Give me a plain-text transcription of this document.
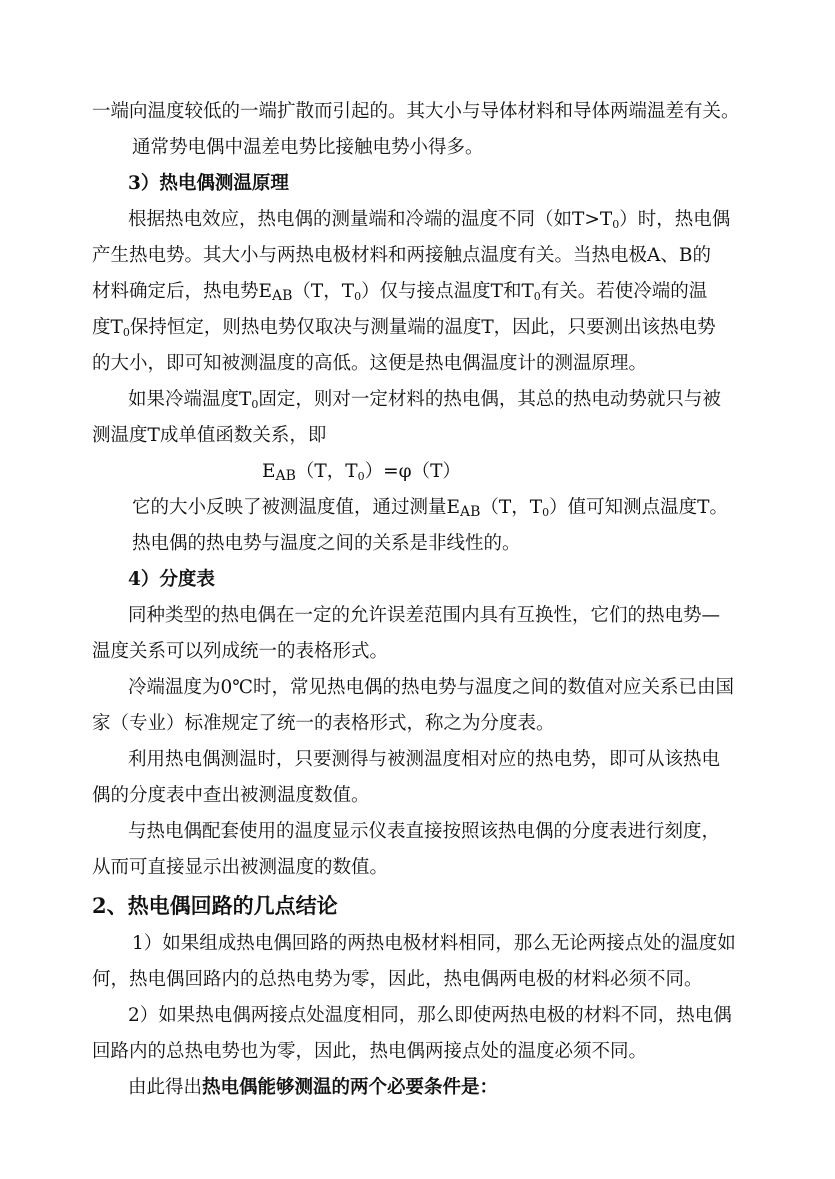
一端向温度较低的一端扩散而引起的。其大小与导体材料和导体两端温差有关。
通常势电偶中温差电势比接触电势小得多。
3）热电偶测温原理
根据热电效应，热电偶的测量端和冷端的温度不同（如$T>T_0$）时，热电偶
产生热电势。其大小与两热电极材料和两接触点温度有关。当热电极A、B的
材料确定后，热电势$E_{AB}(T$，$T_0$）仅与接点温度T和$T_0$有关。若使冷端的温
度$T_0$保持恒定，则热电势仅取决与测量端的温度T，因此，只要测出该热电势
的大小，即可知被测温度的高低。这便是热电偶温度计的测温原理。
如果冷端温度$T_0$固定，则对一定材料的热电偶，其总的热电动势就只与被
测温度T成单值函数关系，即
$E_{AB}(T$，$T_0)=\varphi(T)$
它的大小反映了被测温度值，通过测量$E_{AB}(T$，$T_0$）值可知测点温度T。
热电偶的热电势与温度之间的关系是非线性的。
4）分度表
同种类型的热电偶在一定的允许误差范围内具有互换性，它们的热电势—
温度关系可以列成统一的表格形式。
冷端温度为0℃时，常见热电偶的热电势与温度之间的数值对应关系已由国
家（专业）标准规定了统一的表格形式，称之为分度表。
利用热电偶测温时，只要测得与被测温度相对应的热电势，即可从该热电
偶的分度表中查出被测温度数值。
与热电偶配套使用的温度显示仪表直接按照该热电偶的分度表进行刻度，
从而可直接显示出被测温度的数值。
2、热电偶回路的几点结论
1）如果组成热电偶回路的两热电极材料相同，那么无论两接点处的温度如
何，热电偶回路内的总热电势为零，因此，热电偶两电极的材料必须不同。
2）如果热电偶两接点处温度相同，那么即使两热电极的材料不同，热电偶
回路内的总热电势也为零，因此，热电偶两接点处的温度必须不同。
由此得出热电偶能够测温的两个必要条件是：
